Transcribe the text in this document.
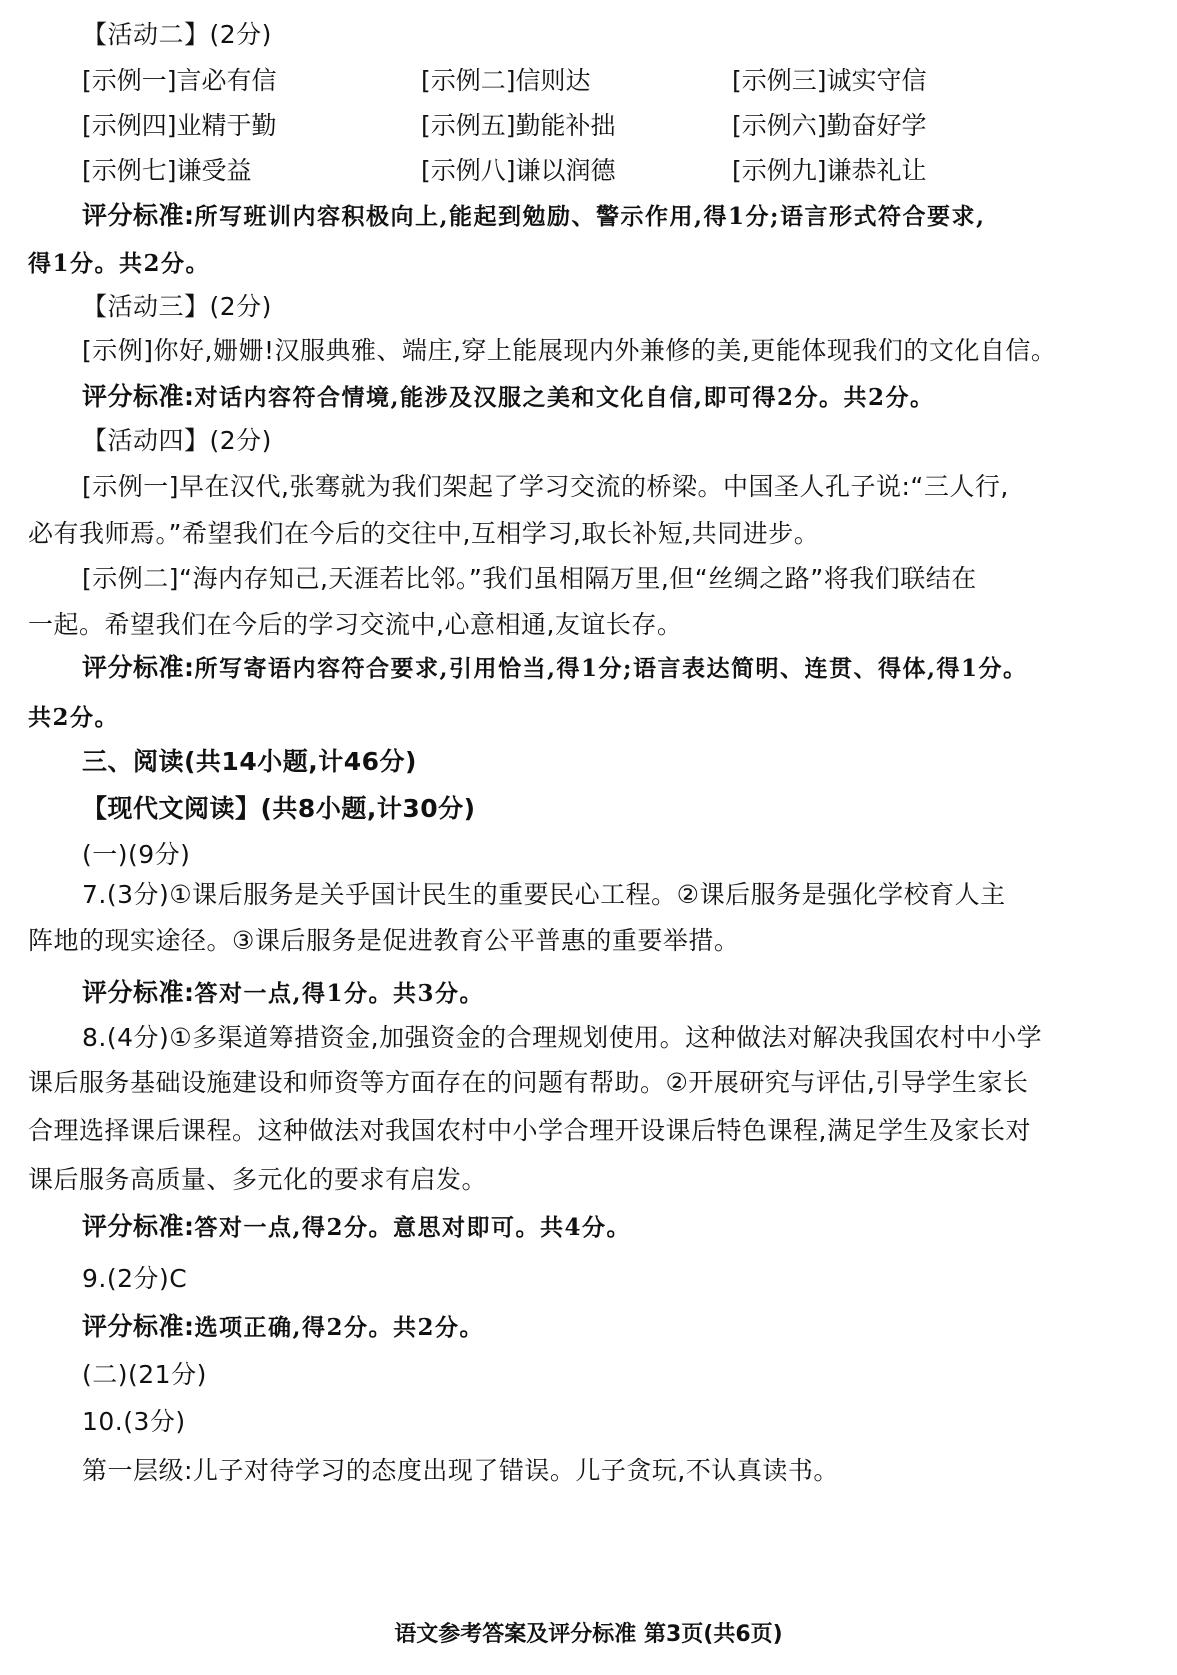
【活动二】(2分)
[示例一]言必有信	[示例二]信则达	[示例三]诚实守信
[示例四]业精于勤	[示例五]勤能补拙	[示例六]勤奋好学
[示例七]谦受益	[示例八]谦以润德	[示例九]谦恭礼让
评分标准:所写班训内容积极向上,能起到勉励、警示作用,得1分;语言形式符合要求,
得1分。共2分。
【活动三】(2分)
[示例]你好,姗姗!汉服典雅、端庄,穿上能展现内外兼修的美,更能体现我们的文化自信。
评分标准:对话内容符合情境,能涉及汉服之美和文化自信,即可得2分。共2分。
【活动四】(2分)
[示例一]早在汉代,张骞就为我们架起了学习交流的桥梁。中国圣人孔子说:“三人行,
必有我师焉。”希望我们在今后的交往中,互相学习,取长补短,共同进步。
[示例二]“海内存知己,天涯若比邻。”我们虽相隔万里,但“丝绸之路”将我们联结在
一起。希望我们在今后的学习交流中,心意相通,友谊长存。
评分标准:所写寄语内容符合要求,引用恰当,得1分;语言表达简明、连贯、得体,得1分。
共2分。
三、阅读(共14小题,计46分)
【现代文阅读】(共8小题,计30分)
(一)(9分)
7.(3分)①课后服务是关乎国计民生的重要民心工程。②课后服务是强化学校育人主
阵地的现实途径。③课后服务是促进教育公平普惠的重要举措。
评分标准:答对一点,得1分。共3分。
8.(4分)①多渠道筹措资金,加强资金的合理规划使用。这种做法对解决我国农村中小学
课后服务基础设施建设和师资等方面存在的问题有帮助。②开展研究与评估,引导学生家长
合理选择课后课程。这种做法对我国农村中小学合理开设课后特色课程,满足学生及家长对
课后服务高质量、多元化的要求有启发。
评分标准:答对一点,得2分。意思对即可。共4分。
9.(2分)C
评分标准:选项正确,得2分。共2分。
(二)(21分)
10.(3分)
第一层级:儿子对待学习的态度出现了错误。儿子贪玩,不认真读书。
语文参考答案及评分标准 第3页(共6页)
